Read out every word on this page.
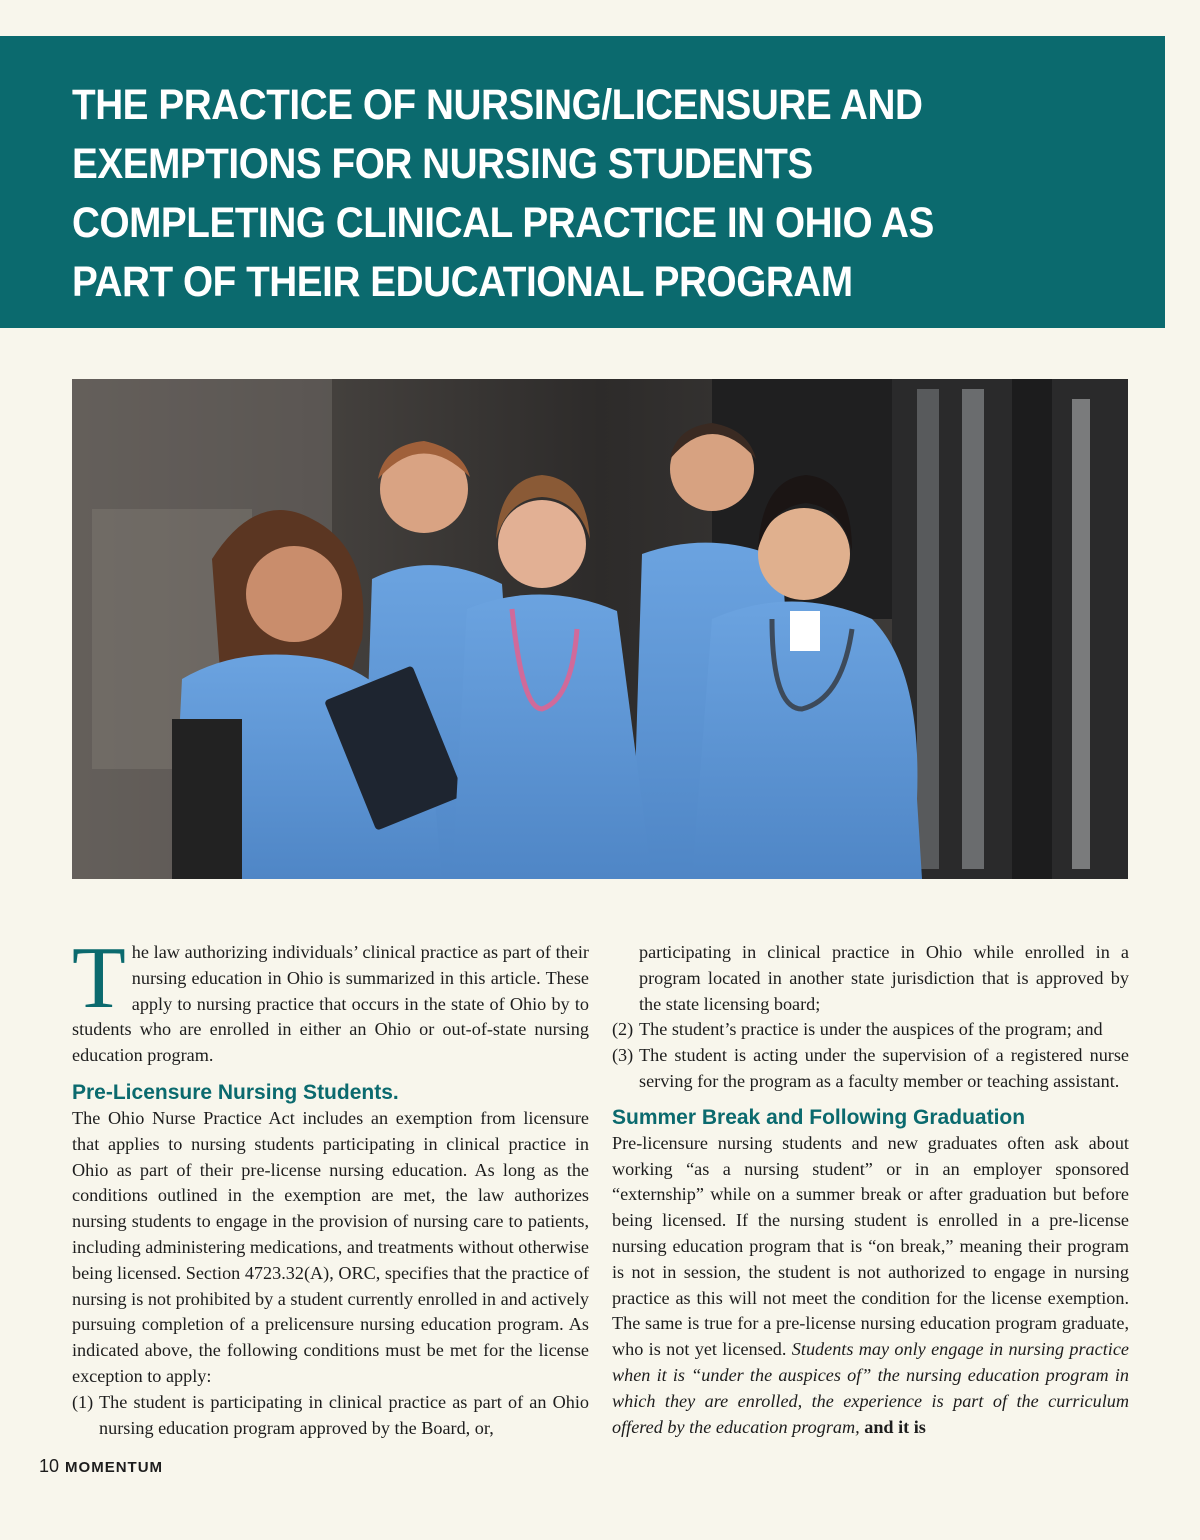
THE PRACTICE OF NURSING/LICENSURE AND EXEMPTIONS FOR NURSING STUDENTS COMPLETING CLINICAL PRACTICE IN OHIO AS PART OF THEIR EDUCATIONAL PROGRAM

The law authorizing individuals’ clinical practice as part of their nursing education in Ohio is summarized in this article. These apply to nursing practice that occurs in the state of Ohio by to students who are enrolled in either an Ohio or out-of-state nursing education program.

Pre-Licensure Nursing Students.

The Ohio Nurse Practice Act includes an exemption from licensure that applies to nursing students participating in clinical practice in Ohio as part of their pre-license nursing education. As long as the conditions outlined in the exemption are met, the law authorizes nursing students to engage in the provision of nursing care to patients, including administering medications, and treatments without otherwise being licensed. Section 4723.32(A), ORC, specifies that the practice of nursing is not prohibited by a student currently enrolled in and actively pursuing completion of a prelicensure nursing education program. As indicated above, the following conditions must be met for the license exception to apply:

(1) The student is participating in clinical practice as part of an Ohio nursing education program approved by the Board, or,

participating in clinical practice in Ohio while enrolled in a program located in another state jurisdiction that is approved by the state licensing board;

(2) The student’s practice is under the auspices of the program; and

(3) The student is acting under the supervision of a registered nurse serving for the program as a faculty member or teaching assistant.

Summer Break and Following Graduation

Pre-licensure nursing students and new graduates often ask about working “as a nursing student” or in an employer sponsored “externship” while on a summer break or after graduation but before being licensed. If the nursing student is enrolled in a pre-license nursing education program that is “on break,” meaning their program is not in session, the student is not authorized to engage in nursing practice as this will not meet the condition for the license exemption. The same is true for a pre-license nursing education program graduate, who is not yet licensed. Students may only engage in nursing practice when it is “under the auspices of” the nursing education program in which they are enrolled, the experience is part of the curriculum offered by the education program, and it is

10 MOMENTUM
